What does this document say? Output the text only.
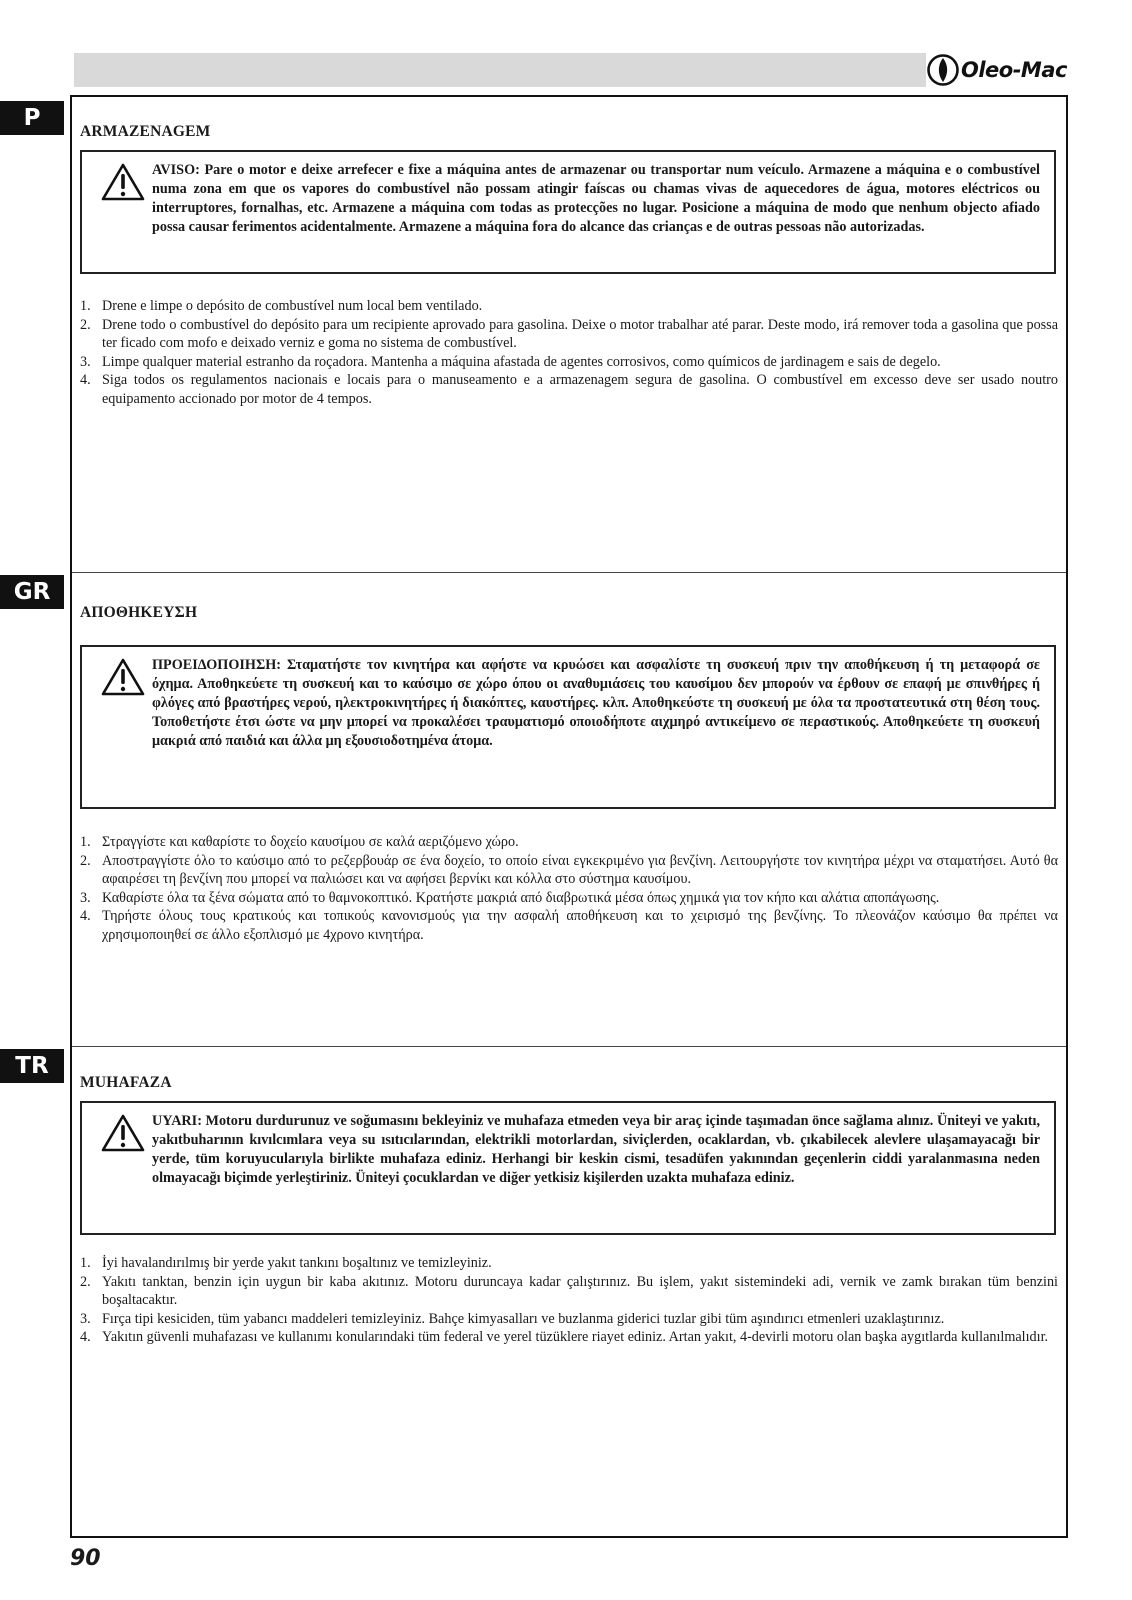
Oleo-Mac
P
GR
TR
ARMAZENAGEM

AVISO: Pare o motor e deixe arrefecer e fixe a máquina antes de armazenar ou transportar num veículo. Armazene a máquina e o combustível numa zona em que os vapores do combustível não possam atingir faíscas ou chamas vivas de aquecedores de água, motores eléctricos ou interruptores, fornalhas, etc. Armazene a máquina com todas as protecções no lugar. Posicione a máquina de modo que nenhum objecto afiado possa causar ferimentos acidentalmente. Armazene a máquina fora do alcance das crianças e de outras pessoas não autorizadas.

1. Drene e limpe o depósito de combustível num local bem ventilado.
2. Drene todo o combustível do depósito para um recipiente aprovado para gasolina. Deixe o motor trabalhar até parar. Deste modo, irá remover toda a gasolina que possa ter ficado com mofo e deixado verniz e goma no sistema de combustível.
3. Limpe qualquer material estranho da roçadora. Mantenha a máquina afastada de agentes corrosivos, como químicos de jardinagem e sais de degelo.
4. Siga todos os regulamentos nacionais e locais para o manuseamento e a armazenagem segura de gasolina. O combustível em excesso deve ser usado noutro equipamento accionado por motor de 4 tempos.
ΑΠΟΘΗΚΕΥΣΗ

ΠΡΟΕΙΔΟΠΟΙΗΣΗ: Σταματήστε τον κινητήρα και αφήστε να κρυώσει και ασφαλίστε τη συσκευή πριν την αποθήκευση ή τη μεταφορά σε όχημα. Αποθηκεύετε τη συσκευή και το καύσιμο σε χώρο όπου οι αναθυμιάσεις του καυσίμου δεν μπορούν να έρθουν σε επαφή με σπινθήρες ή φλόγες από βραστήρες νερού, ηλεκτροκινητήρες ή διακόπτες, καυστήρες. κλπ. Αποθηκεύστε τη συσκευή με όλα τα προστατευτικά στη θέση τους. Τοποθετήστε έτσι ώστε να μην μπορεί να προκαλέσει τραυματισμό οποιοδήποτε αιχμηρό αντικείμενο σε περαστικούς. Αποθηκεύετε τη συσκευή μακριά από παιδιά και άλλα μη εξουσιοδοτημένα άτομα.

1. Στραγγίστε και καθαρίστε το δοχείο καυσίμου σε καλά αεριζόμενο χώρο.
2. Αποστραγγίστε όλο το καύσιμο από το ρεζερβουάρ σε ένα δοχείο, το οποίο είναι εγκεκριμένο για βενζίνη. Λειτουργήστε τον κινητήρα μέχρι να σταματήσει. Αυτό θα αφαιρέσει τη βενζίνη που μπορεί να παλιώσει και να αφήσει βερνίκι και κόλλα στο σύστημα καυσίμου.
3. Καθαρίστε όλα τα ξένα σώματα από το θαμνοκοπτικό. Κρατήστε μακριά από διαβρωτικά μέσα όπως χημικά για τον κήπο και αλάτια αποπάγωσης.
4. Τηρήστε όλους τους κρατικούς και τοπικούς κανονισμούς για την ασφαλή αποθήκευση και το χειρισμό της βενζίνης. Το πλεονάζον καύσιμο θα πρέπει να χρησιμοποιηθεί σε άλλο εξοπλισμό με 4χρονο κινητήρα.
MUHAFAZA

UYARI: Motoru durdurunuz ve soğumasını bekleyiniz ve muhafaza etmeden veya bir araç içinde taşımadan önce sağlama alınız. Üniteyi ve yakıtı, yakıtbuharının kıvılcımlara veya su ısıtıcılarından, elektrikli motorlardan, siviçlerden, ocaklardan, vb. çıkabilecek alevlere ulaşamayacağı bir yerde, tüm koruyucularıyla birlikte muhafaza ediniz. Herhangi bir keskin cismi, tesadüfen yakınından geçenlerin ciddi yaralanmasına neden olmayacağı biçimde yerleştiriniz. Üniteyi çocuklardan ve diğer yetkisiz kişilerden uzakta muhafaza ediniz.

1. İyi havalandırılmış bir yerde yakıt tankını boşaltınız ve temizleyiniz.
2. Yakıtı tanktan, benzin için uygun bir kaba akıtınız. Motoru duruncaya kadar çalıştırınız. Bu işlem, yakıt sistemindeki adi, vernik ve zamk bırakan tüm benzini boşaltacaktır.
3. Fırça tipi kesiciden, tüm yabancı maddeleri temizleyiniz. Bahçe kimyasalları ve buzlanma giderici tuzlar gibi tüm aşındırıcı etmenleri uzaklaştırınız.
4. Yakıtın güvenli muhafazası ve kullanımı konularındaki tüm federal ve yerel tüzüklere riayet ediniz. Artan yakıt, 4-devirli motoru olan başka aygıtlarda kullanılmalıdır.
90
